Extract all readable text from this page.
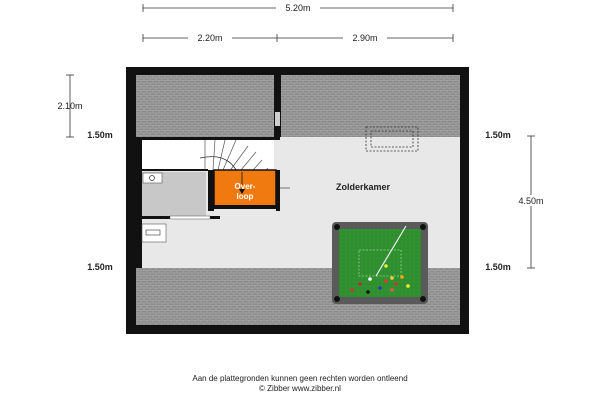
5.20m
2.20m	2.90m
2.10m
4.50m
1.50m
1.50m
1.50m
1.50m
Over-
loop
Zolderkamer
Aan de plattegronden kunnen geen rechten worden ontleend
© Zibber www.zibber.nl
